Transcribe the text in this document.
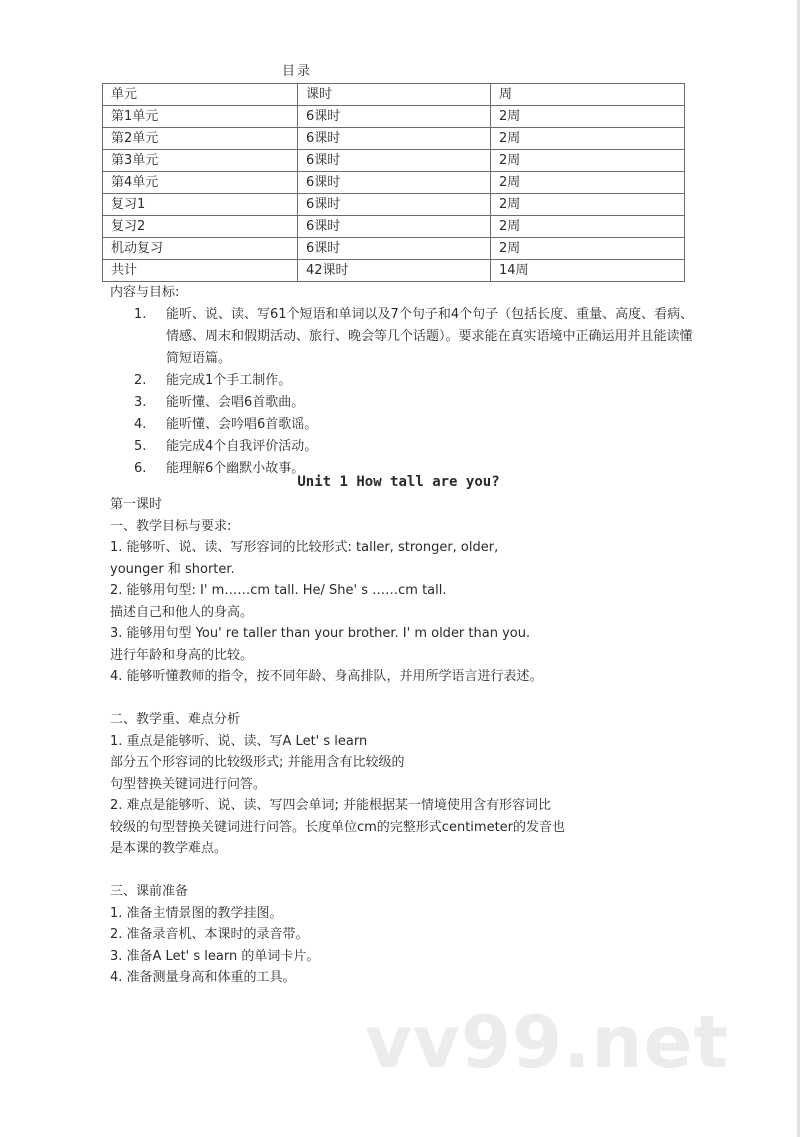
目录
单元	课时	周
第1单元	6课时	2周
第2单元	6课时	2周
第3单元	6课时	2周
第4单元	6课时	2周
复习1	6课时	2周
复习2	6课时	2周
机动复习	6课时	2周
共计	42课时	14周
内容与目标:
1.	能听、说、读、写61个短语和单词以及7个句子和4个句子（包括长度、重量、高度、看病、情感、周末和假期活动、旅行、晚会等几个话题）。要求能在真实语境中正确运用并且能读懂简短语篇。
2.	能完成1个手工制作。
3.	能听懂、会唱6首歌曲。
4.	能听懂、会吟唱6首歌谣。
5.	能完成4个自我评价活动。
6.	能理解6个幽默小故事。
Unit 1 How tall are you?

第一课时

一、教学目标与要求:

1. 能够听、说、读、写形容词的比较形式: taller, stronger, older,

younger 和 shorter.

2. 能够用句型: I' m……cm tall. He/ She' s ……cm tall.

描述自己和他人的身高。

3. 能够用句型 You' re taller than your brother. I' m older than you.

进行年龄和身高的比较。

4. 能够听懂教师的指令，按不同年龄、身高排队，并用所学语言进行表述。

二、教学重、难点分析

1. 重点是能够听、说、读、写A Let' s learn

部分五个形容词的比较级形式; 并能用含有比较级的

句型替换关键词进行问答。

2. 难点是能够听、说、读、写四会单词; 并能根据某一情境使用含有形容词比

较级的句型替换关键词进行问答。长度单位cm的完整形式centimeter的发音也

是本课的教学难点。

三、课前准备

1. 准备主情景图的教学挂图。

2. 准备录音机、本课时的录音带。

3. 准备A Let' s learn 的单词卡片。

4. 准备测量身高和体重的工具。

vv99.net
